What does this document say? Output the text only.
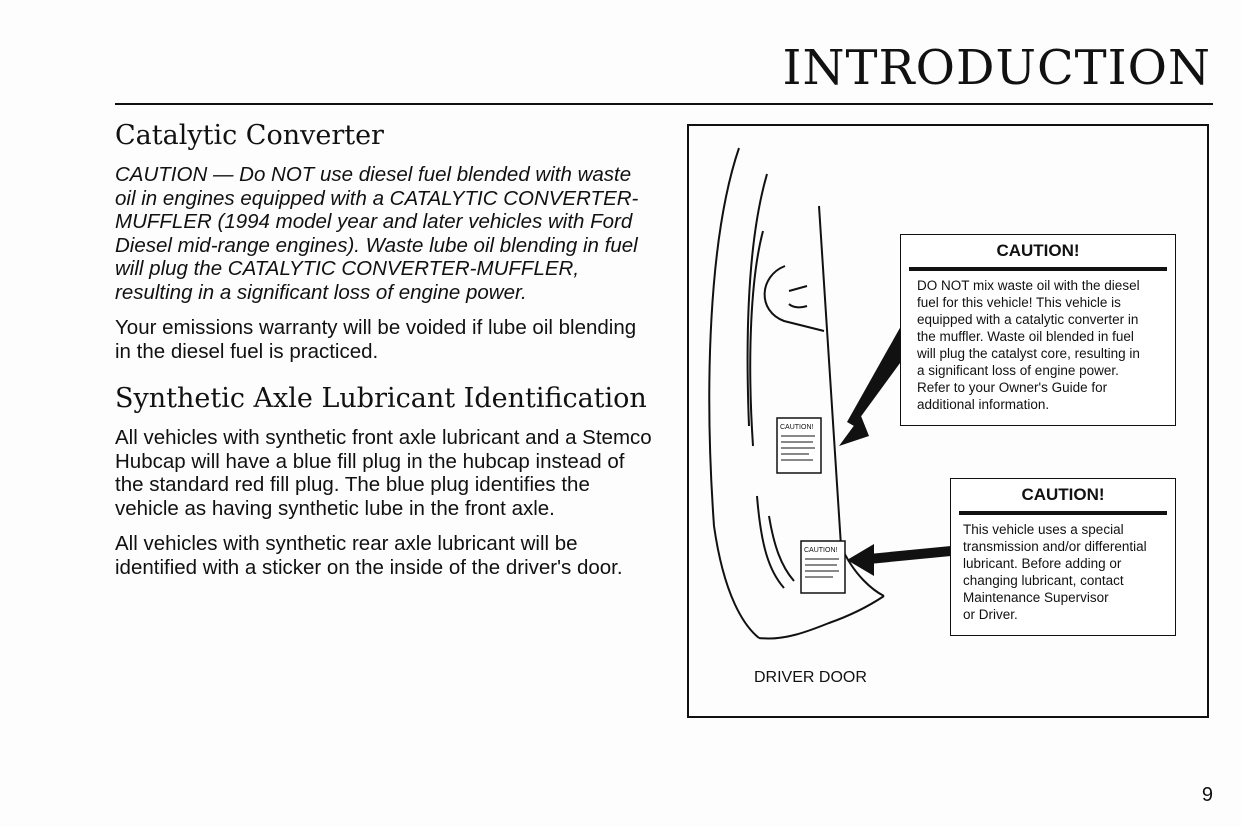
INTRODUCTION
Catalytic Converter

CAUTION — Do NOT use diesel fuel blended with waste oil in engines equipped with a CATALYTIC CONVERTER-MUFFLER (1994 model year and later vehicles with Ford Diesel mid-range engines). Waste lube oil blending in fuel will plug the CATALYTIC CONVERTER-MUFFLER, resulting in a significant loss of engine power.

Your emissions warranty will be voided if lube oil blending in the diesel fuel is practiced.

Synthetic Axle Lubricant Identification

All vehicles with synthetic front axle lubricant and a Stemco Hubcap will have a blue fill plug in the hubcap instead of the standard red fill plug. The blue plug identifies the vehicle as having synthetic lube in the front axle.

All vehicles with synthetic rear axle lubricant will be identified with a sticker on the inside of the driver's door.

CAUTION!
CAUTION!
CAUTION!
DO NOT mix waste oil with the diesel
fuel for this vehicle! This vehicle is
equipped with a catalytic converter in
the muffler. Waste oil blended in fuel
will plug the catalyst core, resulting in
a significant loss of engine power.
Refer to your Owner's Guide for
additional information.
CAUTION!
This vehicle uses a special
transmission and/or differential
lubricant. Before adding or
changing lubricant, contact
Maintenance Supervisor
or Driver.
DRIVER DOOR
9
